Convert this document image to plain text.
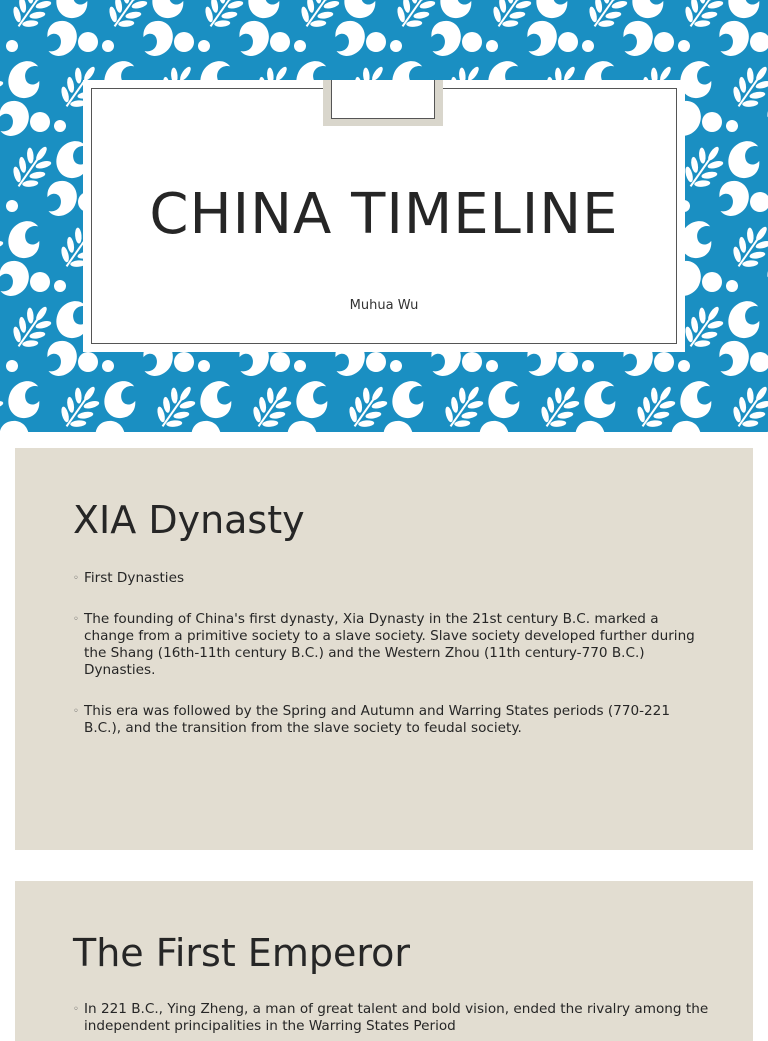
CHINA TIMELINE
Muhua Wu
XIA Dynasty
◦ First Dynasties
◦ The founding of China's first dynasty, Xia Dynasty in the 21st century B.C. marked a change from a primitive society to a slave society. Slave society developed further during the Shang (16th-11th century B.C.) and the Western Zhou (11th century-770 B.C.) Dynasties.
◦ This era was followed by the Spring and Autumn and Warring States periods (770-221 B.C.), and the transition from the slave society to feudal society.
The First Emperor
◦ In 221 B.C., Ying Zheng, a man of great talent and bold vision, ended the rivalry among the independent principalities in the Warring States Period
